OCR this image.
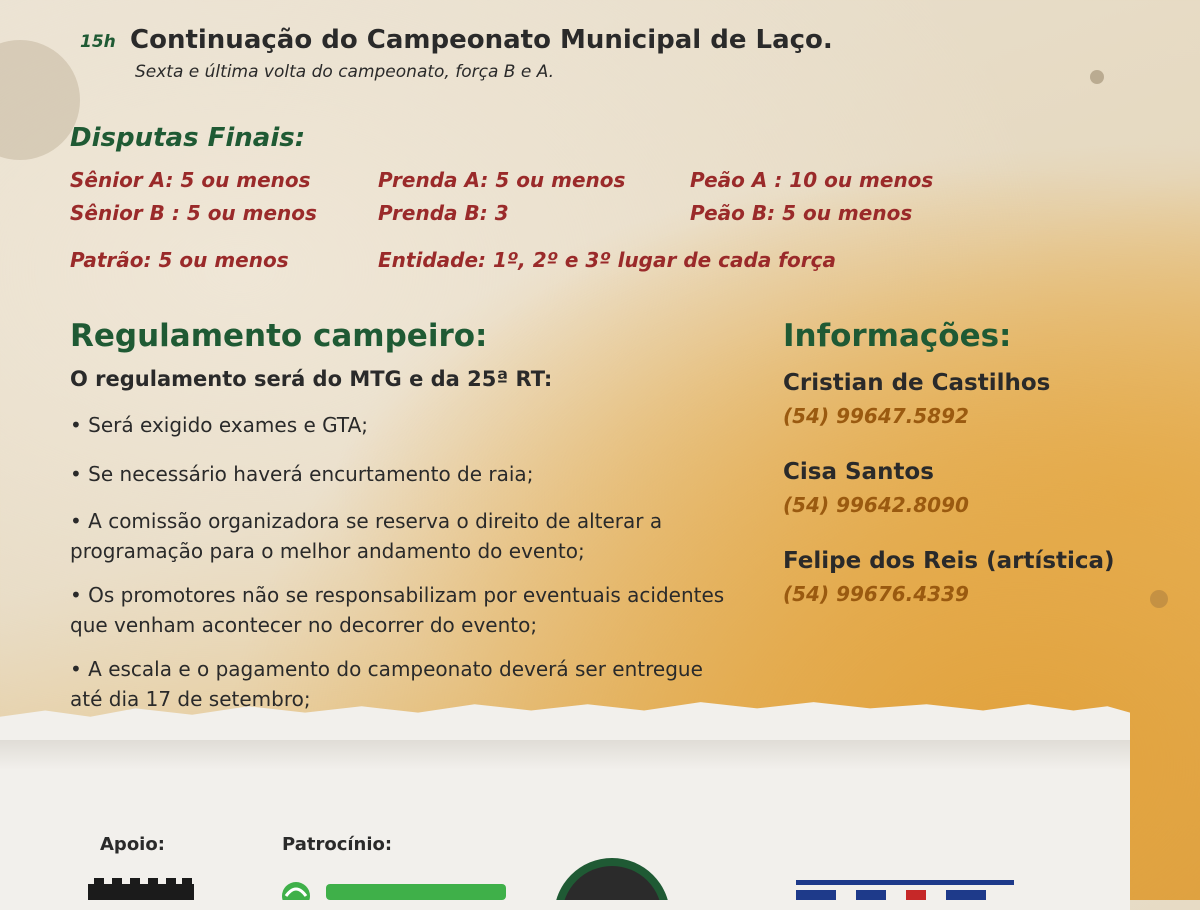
15h Continuação do Campeonato Municipal de Laço.
Sexta e última volta do campeonato, força B e A.
Disputas Finais:
Sênior A: 5 ou menos
Sênior B : 5 ou menos
Patrão: 5 ou menos
Prenda A: 5 ou menos
Prenda B: 3
Entidade: 1º, 2º e 3º lugar de cada força
Peão A : 10 ou menos
Peão B: 5 ou menos
Regulamento campeiro:
O regulamento será do MTG e da 25ª RT:
• Será exigido exames e GTA;
• Se necessário haverá encurtamento de raia;
• A comissão organizadora se reserva o direito de alterar a programação para o melhor andamento do evento;
• Os promotores não se responsabilizam por eventuais acidentes que venham acontecer no decorrer do evento;
• A escala e o pagamento do campeonato deverá ser entregue até dia 17 de setembro;
Informações:
Cristian de Castilhos
(54) 99647.5892
Cisa Santos
(54) 99642.8090
Felipe dos Reis (artística)
(54) 99676.4339
Apoio:	Patrocínio:
